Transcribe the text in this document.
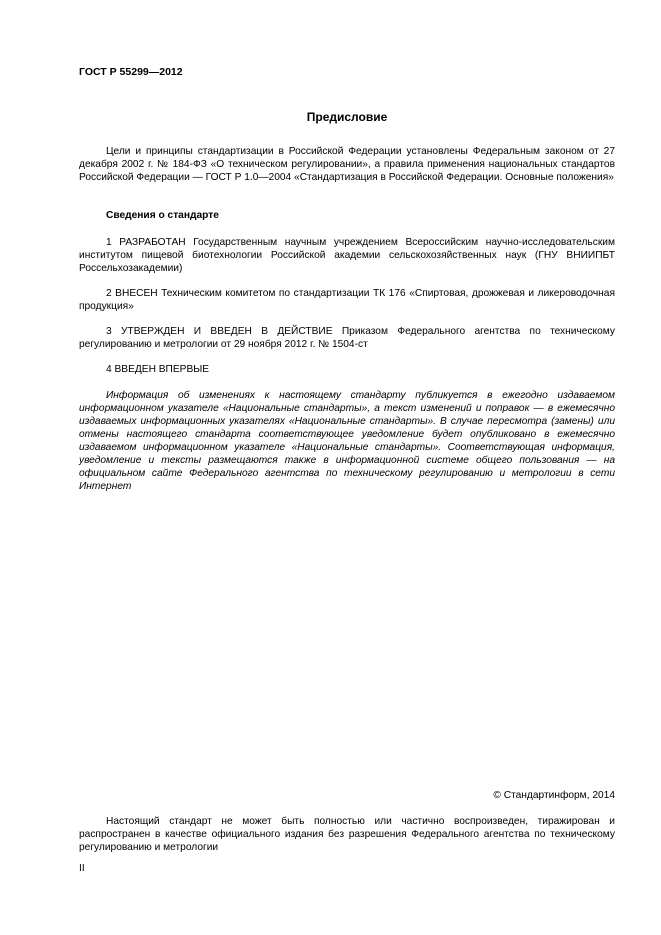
ГОСТ Р 55299—2012
Предисловие

Цели и принципы стандартизации в Российской Федерации установлены Федеральным законом от 27 декабря 2002 г. № 184-ФЗ «О техническом регулировании», а правила применения национальных стандартов Российской Федерации — ГОСТ Р 1.0—2004 «Стандартизация в Российской Федерации. Основные положения»

Сведения о стандарте

1 РАЗРАБОТАН Государственным научным учреждением Всероссийским научно-исследовательским институтом пищевой биотехнологии Российской академии сельскохозяйственных наук (ГНУ ВНИИПБТ Россельхозакадемии)

2 ВНЕСЕН Техническим комитетом по стандартизации ТК 176 «Спиртовая, дрожжевая и ликероводочная продукция»

3 УТВЕРЖДЕН И ВВЕДЕН В ДЕЙСТВИЕ Приказом Федерального агентства по техническому регулированию и метрологии от 29 ноября 2012 г. № 1504-ст

4 ВВЕДЕН ВПЕРВЫЕ

Информация об изменениях к настоящему стандарту публикуется в ежегодно издаваемом информационном указателе «Национальные стандарты», а текст изменений и поправок — в ежемесячно издаваемых информационных указателях «Национальные стандарты». В случае пересмотра (замены) или отмены настоящего стандарта соответствующее уведомление будет опубликовано в ежемесячно издаваемом информационном указателе «Национальные стандарты». Соответствующая информация, уведомление и тексты размещаются также в информационной системе общего пользования — на официальном сайте Федерального агентства по техническому регулированию и метрологии в сети Интернет

© Стандартинформ, 2014

Настоящий стандарт не может быть полностью или частично воспроизведен, тиражирован и распространен в качестве официального издания без разрешения Федерального агентства по техническому регулированию и метрологии

II
